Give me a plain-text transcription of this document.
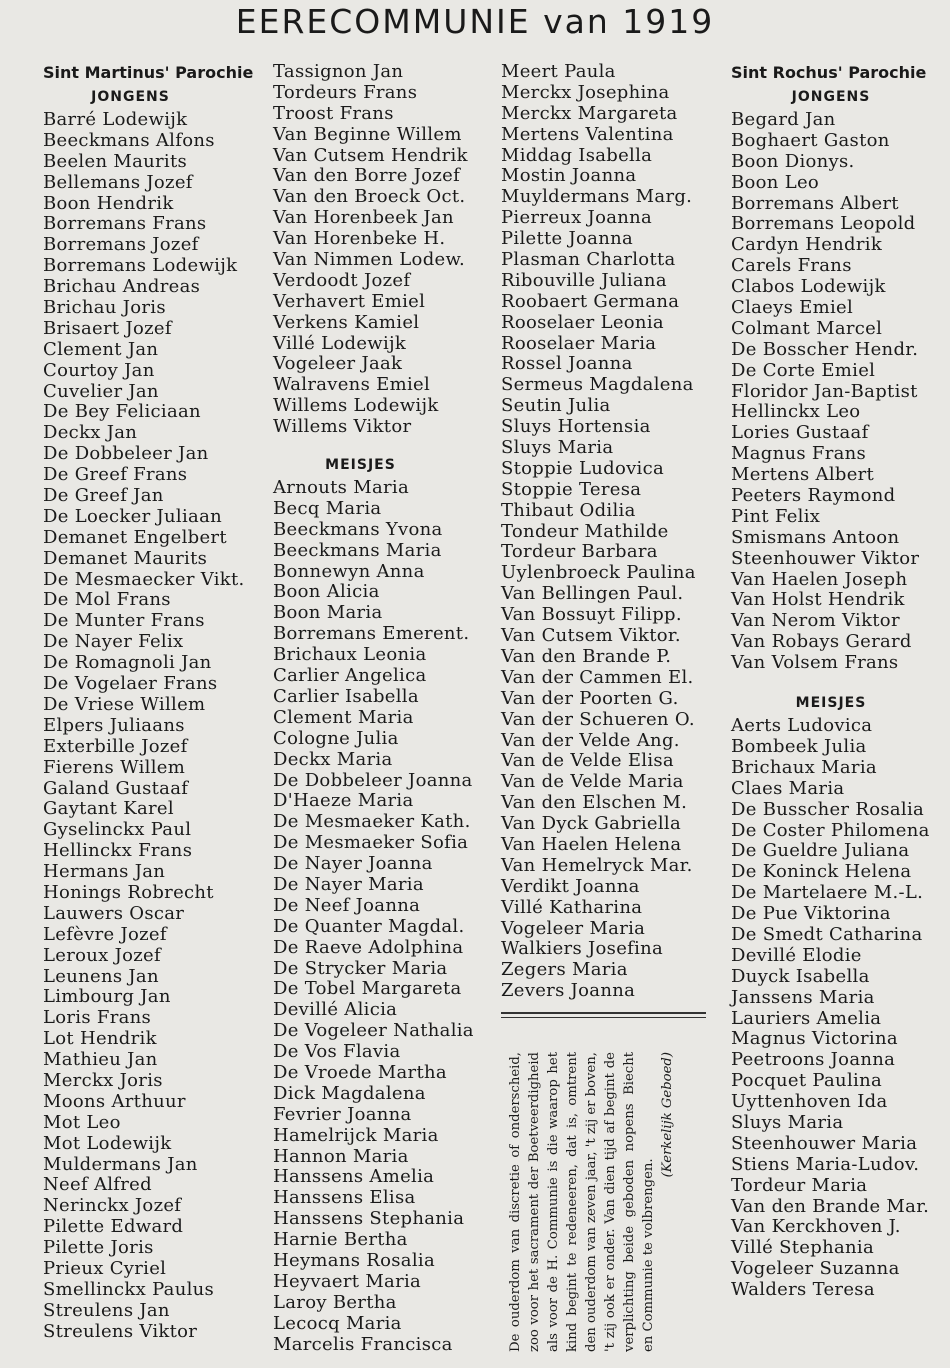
EERECOMMUNIE van 1919
Sint Martinus' Parochie
JONGENS
Barré Lodewijk
Beeckmans Alfons
Beelen Maurits
Bellemans Jozef
Boon Hendrik
Borremans Frans
Borremans Jozef
Borremans Lodewijk
Brichau Andreas
Brichau Joris
Brisaert Jozef
Clement Jan
Courtoy Jan
Cuvelier Jan
De Bey Feliciaan
Deckx Jan
De Dobbeleer Jan
De Greef Frans
De Greef Jan
De Loecker Juliaan
Demanet Engelbert
Demanet Maurits
De Mesmaecker Vikt.
De Mol Frans
De Munter Frans
De Nayer Felix
De Romagnoli Jan
De Vogelaer Frans
De Vriese Willem
Elpers Juliaans
Exterbille Jozef
Fierens Willem
Galand Gustaaf
Gaytant Karel
Gyselinckx Paul
Hellinckx Frans
Hermans Jan
Honings Robrecht
Lauwers Oscar
Lefèvre Jozef
Leroux Jozef
Leunens Jan
Limbourg Jan
Loris Frans
Lot Hendrik
Mathieu Jan
Merckx Joris
Moons Arthuur
Mot Leo
Mot Lodewijk
Muldermans Jan
Neef Alfred
Nerinckx Jozef
Pilette Edward
Pilette Joris
Prieux Cyriel
Smellinckx Paulus
Streulens Jan
Streulens Viktor
Tassignon Jan
Tordeurs Frans
Troost Frans
Van Beginne Willem
Van Cutsem Hendrik
Van den Borre Jozef
Van den Broeck Oct.
Van Horenbeek Jan
Van Horenbeke H.
Van Nimmen Lodew.
Verdoodt Jozef
Verhavert Emiel
Verkens Kamiel
Villé Lodewijk
Vogeleer Jaak
Walravens Emiel
Willems Lodewijk
Willems Viktor
MEISJES
Arnouts Maria
Becq Maria
Beeckmans Yvona
Beeckmans Maria
Bonnewyn Anna
Boon Alicia
Boon Maria
Borremans Emerent.
Brichaux Leonia
Carlier Angelica
Carlier Isabella
Clement Maria
Cologne Julia
Deckx Maria
De Dobbeleer Joanna
D'Haeze Maria
De Mesmaeker Kath.
De Mesmaeker Sofia
De Nayer Joanna
De Nayer Maria
De Neef Joanna
De Quanter Magdal.
De Raeve Adolphina
De Strycker Maria
De Tobel Margareta
Devillé Alicia
De Vogeleer Nathalia
De Vos Flavia
De Vroede Martha
Dick Magdalena
Fevrier Joanna
Hamelrijck Maria
Hannon Maria
Hanssens Amelia
Hanssens Elisa
Hanssens Stephania
Harnie Bertha
Heymans Rosalia
Heyvaert Maria
Laroy Bertha
Lecocq Maria
Marcelis Francisca
Meert Paula
Merckx Josephina
Merckx Margareta
Mertens Valentina
Middag Isabella
Mostin Joanna
Muyldermans Marg.
Pierreux Joanna
Pilette Joanna
Plasman Charlotta
Ribouville Juliana
Roobaert Germana
Rooselaer Leonia
Rooselaer Maria
Rossel Joanna
Sermeus Magdalena
Seutin Julia
Sluys Hortensia
Sluys Maria
Stoppie Ludovica
Stoppie Teresa
Thibaut Odilia
Tondeur Mathilde
Tordeur Barbara
Uylenbroeck Paulina
Van Bellingen Paul.
Van Bossuyt Filipp.
Van Cutsem Viktor.
Van den Brande P.
Van der Cammen El.
Van der Poorten G.
Van der Schueren O.
Van der Velde Ang.
Van de Velde Elisa
Van de Velde Maria
Van den Elschen M.
Van Dyck Gabriella
Van Haelen Helena
Van Hemelryck Mar.
Verdikt Joanna
Villé Katharina
Vogeleer Maria
Walkiers Josefina
Zegers Maria
Zevers Joanna
De ouderdom van discretie of onderscheid, zoo voor het sacrament der Boetveerdigheid als voor de H. Communie is die waarop het kind begint te redeneeren, dat is, omtrent den ouderdom van zeven jaar, 't zij er boven, 't zij ook er onder. Van dien tijd af begint de verplichting beide geboden nopens Biecht en Communie te volbrengen.
(Kerkelijk Geboed)
Sint Rochus' Parochie
JONGENS
Begard Jan
Boghaert Gaston
Boon Dionys.
Boon Leo
Borremans Albert
Borremans Leopold
Cardyn Hendrik
Carels Frans
Clabos Lodewijk
Claeys Emiel
Colmant Marcel
De Bosscher Hendr.
De Corte Emiel
Floridor Jan-Baptist
Hellinckx Leo
Lories Gustaaf
Magnus Frans
Mertens Albert
Peeters Raymond
Pint Felix
Smismans Antoon
Steenhouwer Viktor
Van Haelen Joseph
Van Holst Hendrik
Van Nerom Viktor
Van Robays Gerard
Van Volsem Frans
MEISJES
Aerts Ludovica
Bombeek Julia
Brichaux Maria
Claes Maria
De Busscher Rosalia
De Coster Philomena
De Gueldre Juliana
De Koninck Helena
De Martelaere M.-L.
De Pue Viktorina
De Smedt Catharina
Devillé Elodie
Duyck Isabella
Janssens Maria
Lauriers Amelia
Magnus Victorina
Peetroons Joanna
Pocquet Paulina
Uyttenhoven Ida
Sluys Maria
Steenhouwer Maria
Stiens Maria-Ludov.
Tordeur Maria
Van den Brande Mar.
Van Kerckhoven J.
Villé Stephania
Vogeleer Suzanna
Walders Teresa
